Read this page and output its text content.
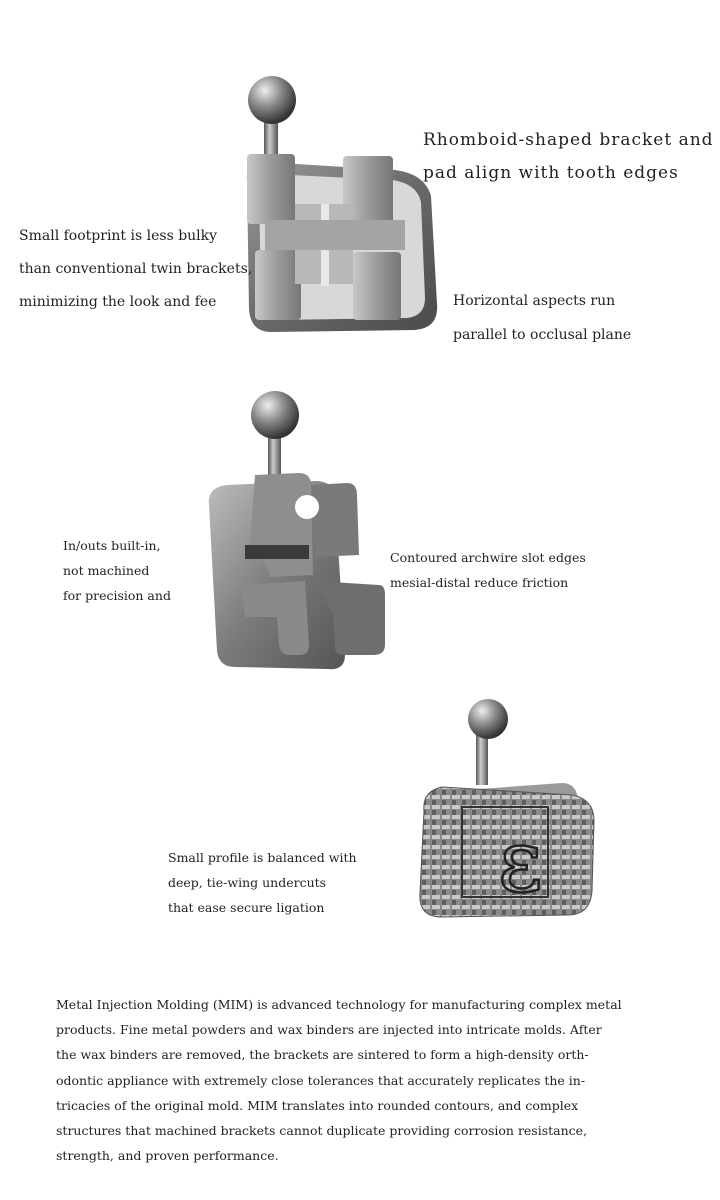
Rhomboid-shaped bracket and
pad align with tooth edges
Small footprint is less bulky
than conventional twin brackets,
minimizing the look and fee	Horizontal aspects run
parallel to occlusal plane
In/outs built-in,
not machined
for precision and
Contoured archwire slot edges
mesial-distal reduce friction
ε
Small profile is balanced with
deep, tie-wing undercuts
that ease secure ligation
Metal Injection Molding (MIM) is advanced technology for manufacturing complex metal
products. Fine metal powders and wax binders are injected into intricate molds. After
the wax binders are removed, the brackets are sintered to form a high-density orth-
odontic appliance with extremely close tolerances that accurately replicates the in-
tricacies of the original mold. MIM translates into rounded contours, and complex
structures that machined brackets cannot duplicate providing corrosion resistance,
strength, and proven performance.
